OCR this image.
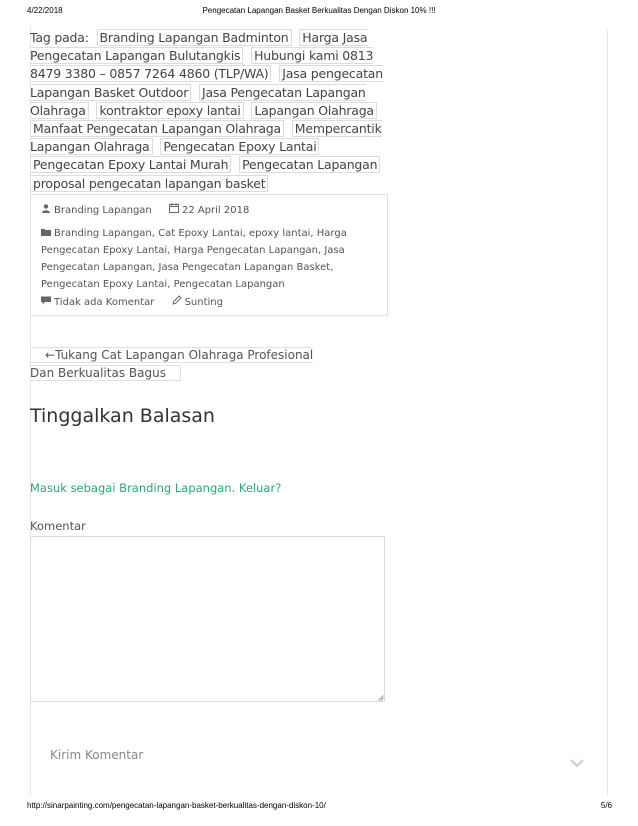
4/22/2018	Pengecatan Lapangan Basket Berkualitas Dengan Diskon 10% !!!
Tag pada: Branding Lapangan Badminton Harga Jasa Pengecatan Lapangan Bulutangkis Hubungi kami 0813 8479 3380 – 0857 7264 4860 (TLP/WA) Jasa pengecatan Lapangan Basket Outdoor Jasa Pengecatan Lapangan Olahraga kontraktor epoxy lantai Lapangan Olahraga Manfaat Pengecatan Lapangan Olahraga Mempercantik Lapangan Olahraga Pengecatan Epoxy Lantai Pengecatan Epoxy Lantai Murah Pengecatan Lapangan proposal pengecatan lapangan basket
Branding Lapangan	22 April 2018
Branding Lapangan, Cat Epoxy Lantai, epoxy lantai, Harga Pengecatan Epoxy Lantai, Harga Pengecatan Lapangan, Jasa Pengecatan Lapangan, Jasa Pengecatan Lapangan Basket, Pengecatan Epoxy Lantai, Pengecatan Lapangan
Tidak ada Komentar	Sunting
  ←Tukang Cat Lapangan Olahraga Profesional Dan Berkualitas Bagus  
Tinggalkan Balasan
Masuk sebagai Branding Lapangan. Keluar?
Komentar
Kirim Komentar
http://sinarpainting.com/pengecatan-lapangan-basket-berkualitas-dengan-diskon-10/	5/6
